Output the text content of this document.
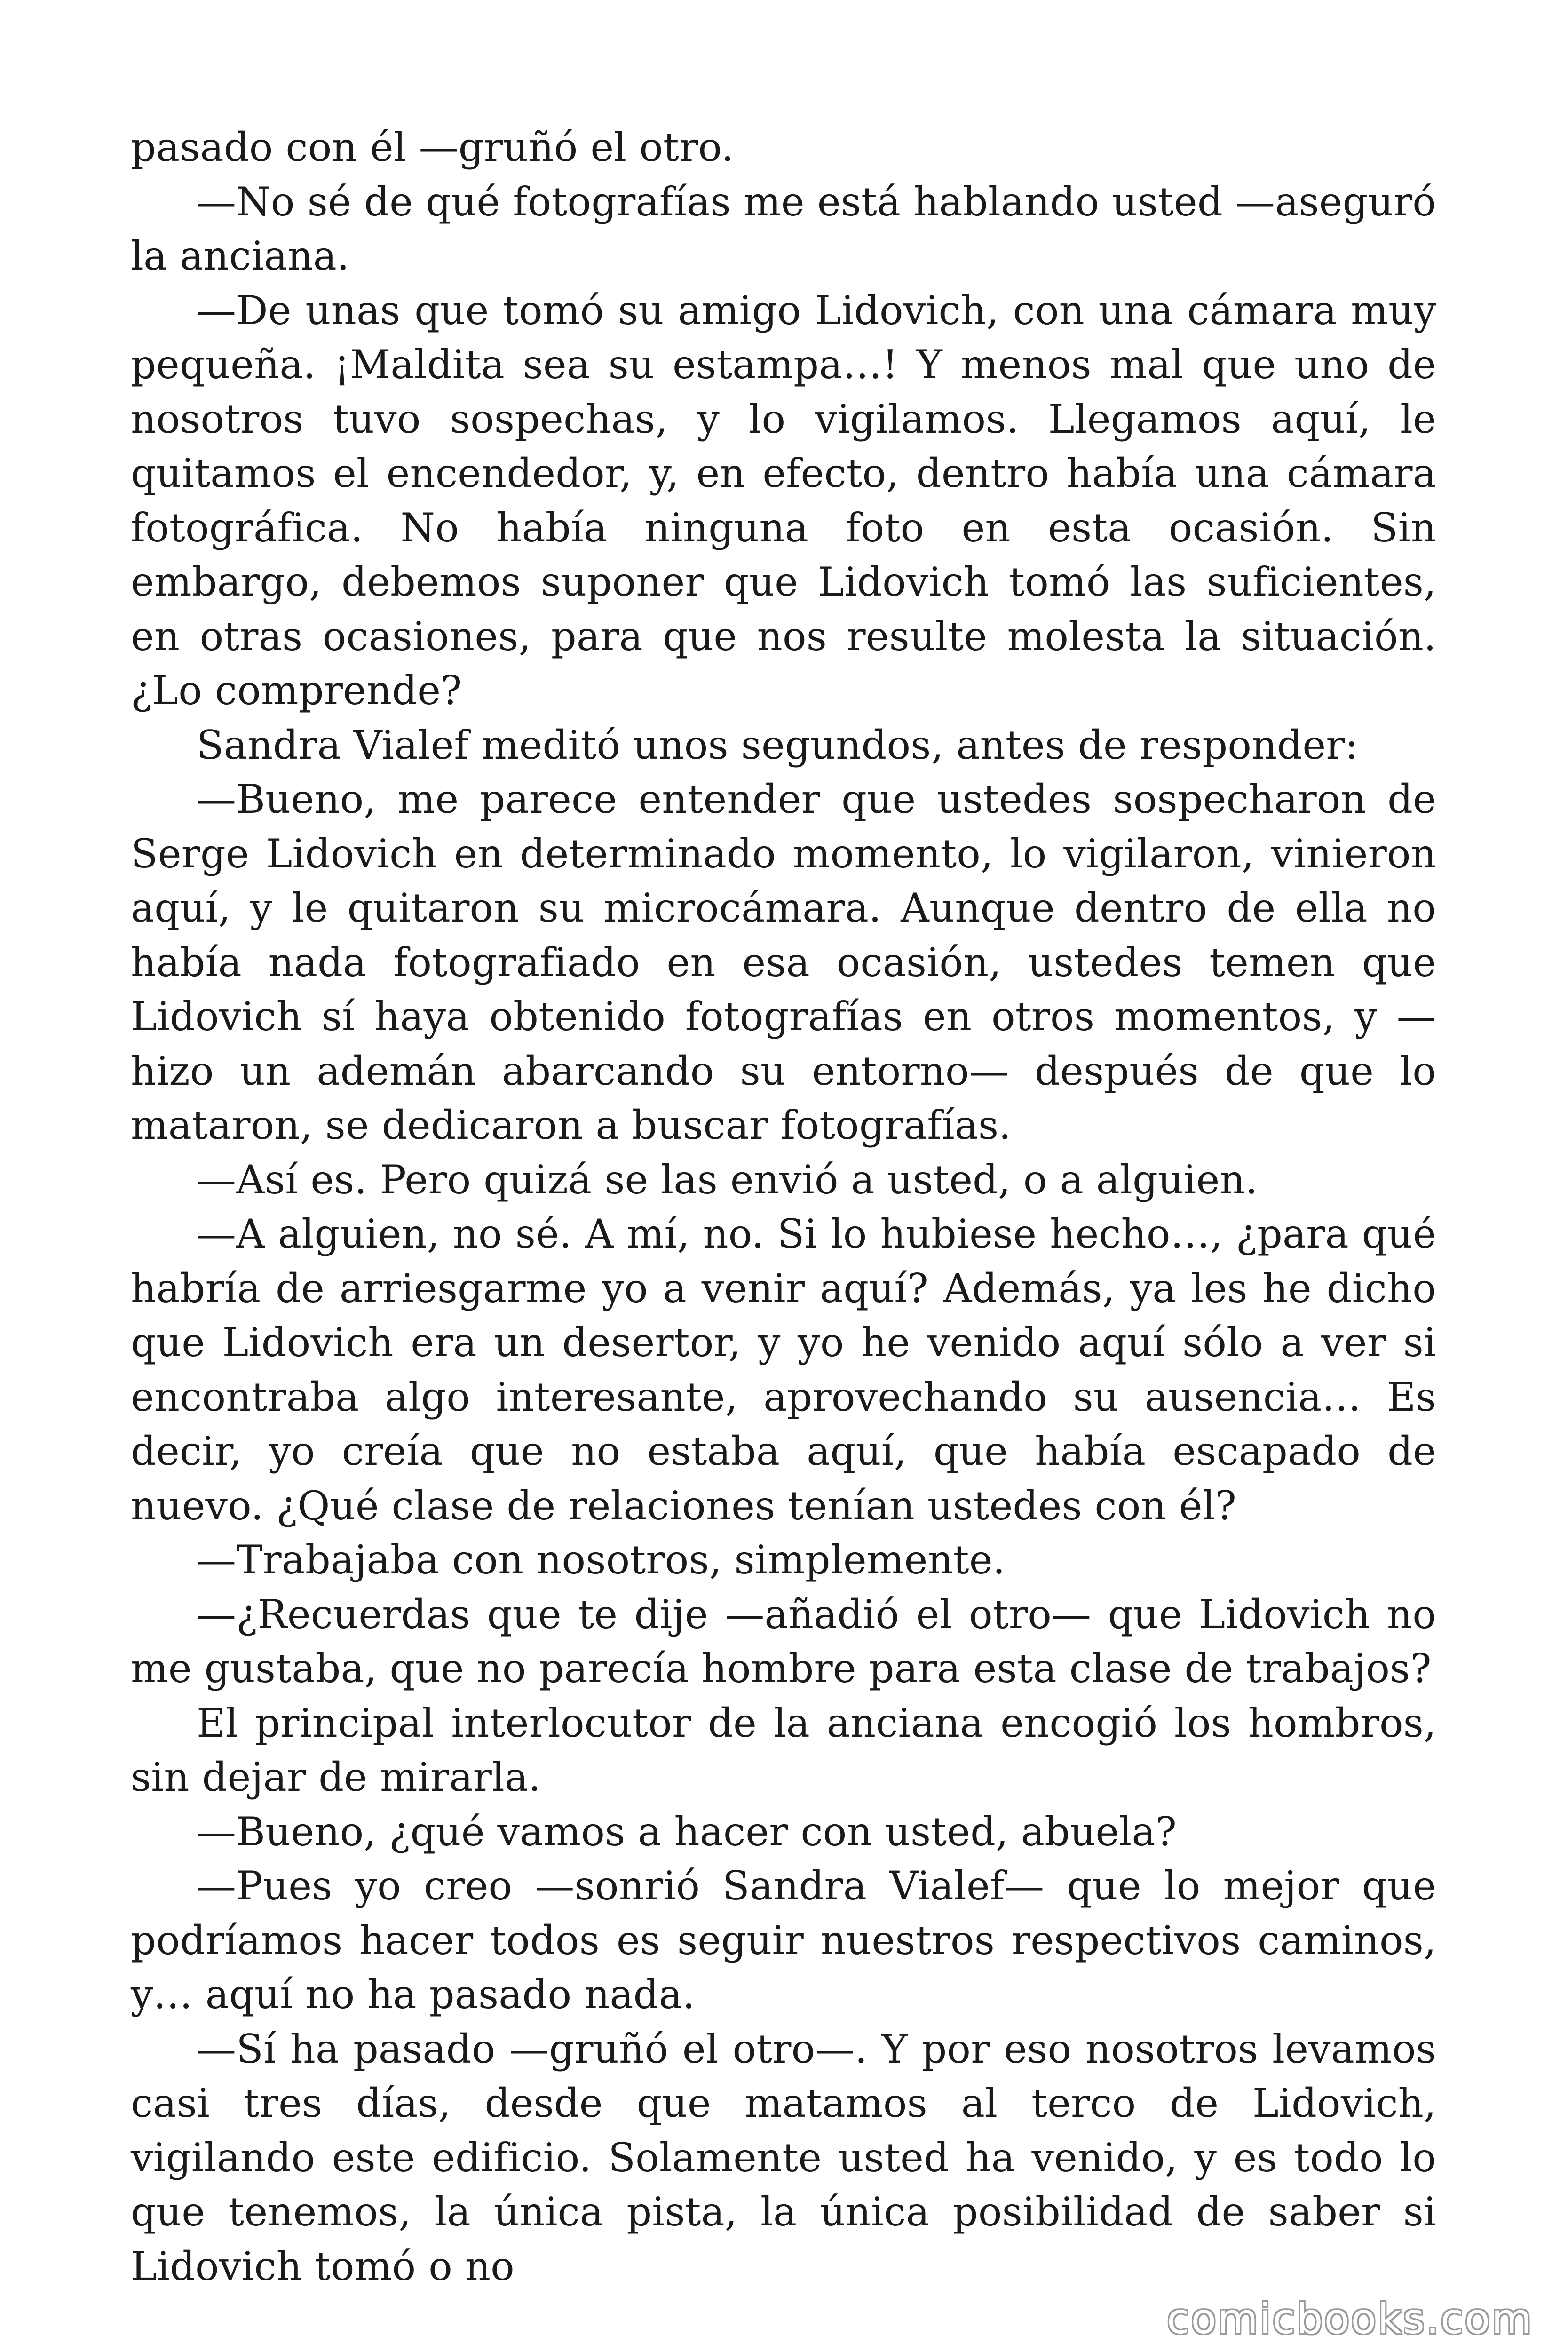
pasado con él —gruñó el otro.

—No sé de qué fotografías me está hablando usted —aseguró la anciana.

—De unas que tomó su amigo Lidovich, con una cámara muy pequeña. ¡Maldita sea su estampa…! Y menos mal que uno de nosotros tuvo sospechas, y lo vigilamos. Llegamos aquí, le quitamos el encendedor, y, en efecto, dentro había una cámara fotográfica. No había ninguna foto en esta ocasión. Sin embargo, debemos suponer que Lidovich tomó las suficientes, en otras ocasiones, para que nos resulte molesta la situación. ¿Lo comprende?

Sandra Vialef meditó unos segundos, antes de responder:

—Bueno, me parece entender que ustedes sospecharon de Serge Lidovich en determinado momento, lo vigilaron, vinieron aquí, y le quitaron su microcámara. Aunque dentro de ella no había nada fotografiado en esa ocasión, ustedes temen que Lidovich sí haya obtenido fotografías en otros momentos, y —hizo un ademán abarcando su entorno— después de que lo mataron, se dedicaron a buscar fotografías.

—Así es. Pero quizá se las envió a usted, o a alguien.

—A alguien, no sé. A mí, no. Si lo hubiese hecho…, ¿para qué habría de arriesgarme yo a venir aquí? Además, ya les he dicho que Lidovich era un desertor, y yo he venido aquí sólo a ver si encontraba algo interesante, aprovechando su ausencia… Es decir, yo creía que no estaba aquí, que había escapado de nuevo. ¿Qué clase de relaciones tenían ustedes con él?

—Trabajaba con nosotros, simplemente.

—¿Recuerdas que te dije —añadió el otro— que Lidovich no me gustaba, que no parecía hombre para esta clase de trabajos?

El principal interlocutor de la anciana encogió los hombros, sin dejar de mirarla.

—Bueno, ¿qué vamos a hacer con usted, abuela?

—Pues yo creo —sonrió Sandra Vialef— que lo mejor que podríamos hacer todos es seguir nuestros respectivos caminos, y… aquí no ha pasado nada.

—Sí ha pasado —gruñó el otro—. Y por eso nosotros levamos casi tres días, desde que matamos al terco de Lidovich, vigilando este edificio. Solamente usted ha venido, y es todo lo que tenemos, la única pista, la única posibilidad de saber si Lidovich tomó o no

comicbooks.com
